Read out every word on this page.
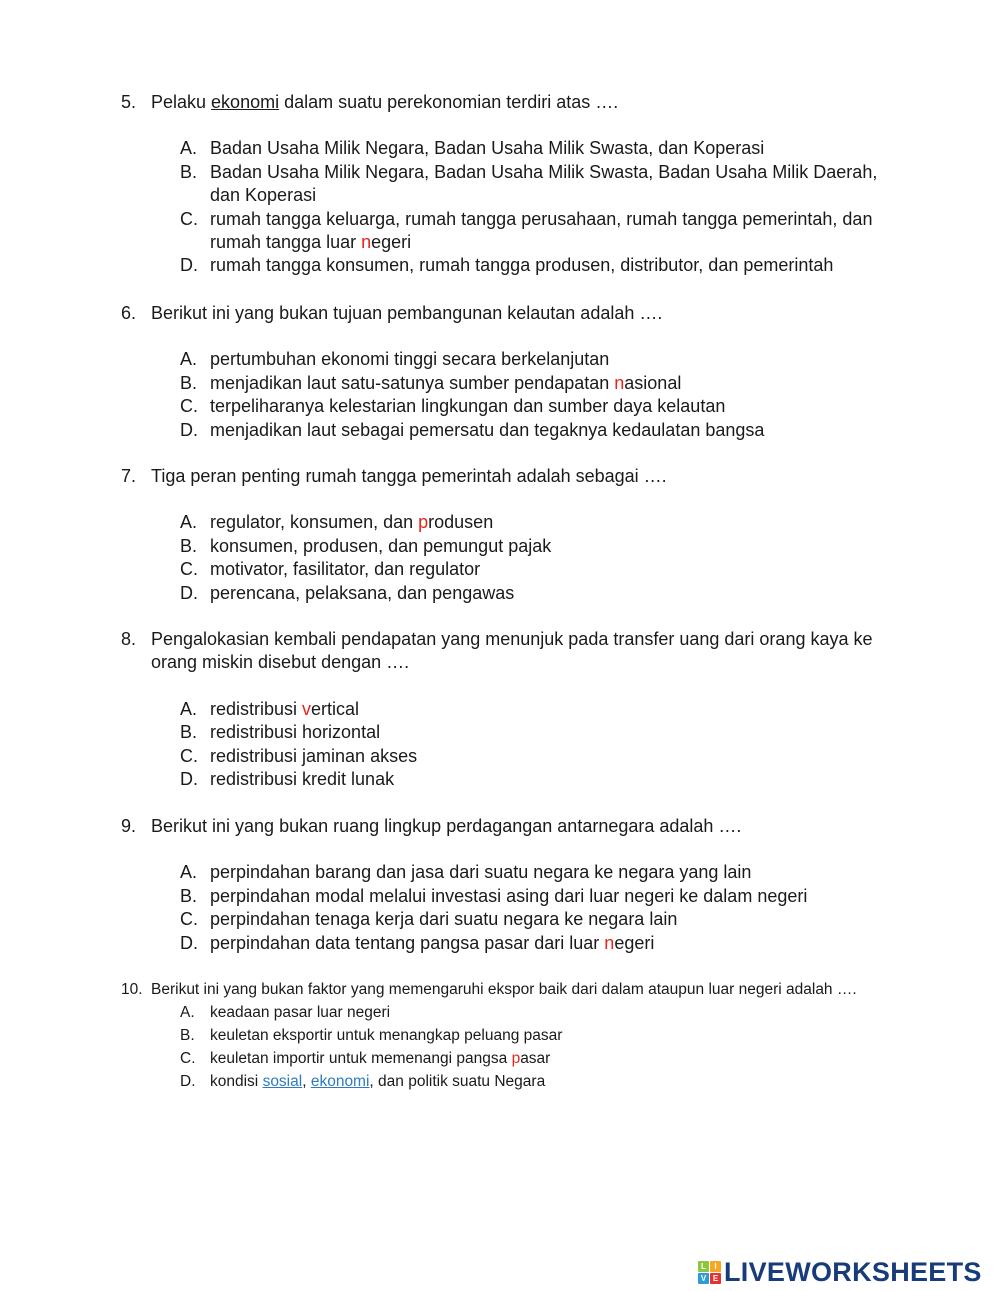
5. Pelaku ekonomi dalam suatu perekonomian terdiri atas ….
A. Badan Usaha Milik Negara, Badan Usaha Milik Swasta, dan Koperasi
B. Badan Usaha Milik Negara, Badan Usaha Milik Swasta, Badan Usaha Milik Daerah, dan Koperasi
C. rumah tangga keluarga, rumah tangga perusahaan, rumah tangga pemerintah, dan rumah tangga luar negeri
D. rumah tangga konsumen, rumah tangga produsen, distributor, dan pemerintah
6. Berikut ini yang bukan tujuan pembangunan kelautan adalah ….
A. pertumbuhan ekonomi tinggi secara berkelanjutan
B. menjadikan laut satu-satunya sumber pendapatan nasional
C. terpeliharanya kelestarian lingkungan dan sumber daya kelautan
D. menjadikan laut sebagai pemersatu dan tegaknya kedaulatan bangsa
7. Tiga peran penting rumah tangga pemerintah adalah sebagai ….
A. regulator, konsumen, dan produsen
B. konsumen, produsen, dan pemungut pajak
C. motivator, fasilitator, dan regulator
D. perencana, pelaksana, dan pengawas
8. Pengalokasian kembali pendapatan yang menunjuk pada transfer uang dari orang kaya ke orang miskin disebut dengan ….
A. redistribusi vertical
B. redistribusi horizontal
C. redistribusi jaminan akses
D. redistribusi kredit lunak
9. Berikut ini yang bukan ruang lingkup perdagangan antarnegara adalah ….
A. perpindahan barang dan jasa dari suatu negara ke negara yang lain
B. perpindahan modal melalui investasi asing dari luar negeri ke dalam negeri
C. perpindahan tenaga kerja dari suatu negara ke negara lain
D. perpindahan data tentang pangsa pasar dari luar negeri
10. Berikut ini yang bukan faktor yang memengaruhi ekspor baik dari dalam ataupun luar negeri adalah ….
A. keadaan pasar luar negeri
B. keuletan eksportir untuk menangkap peluang pasar
C. keuletan importir untuk memenangi pangsa pasar
D. kondisi sosial, ekonomi, dan politik suatu Negara
L	I
V E LIVEWORKSHEETS
